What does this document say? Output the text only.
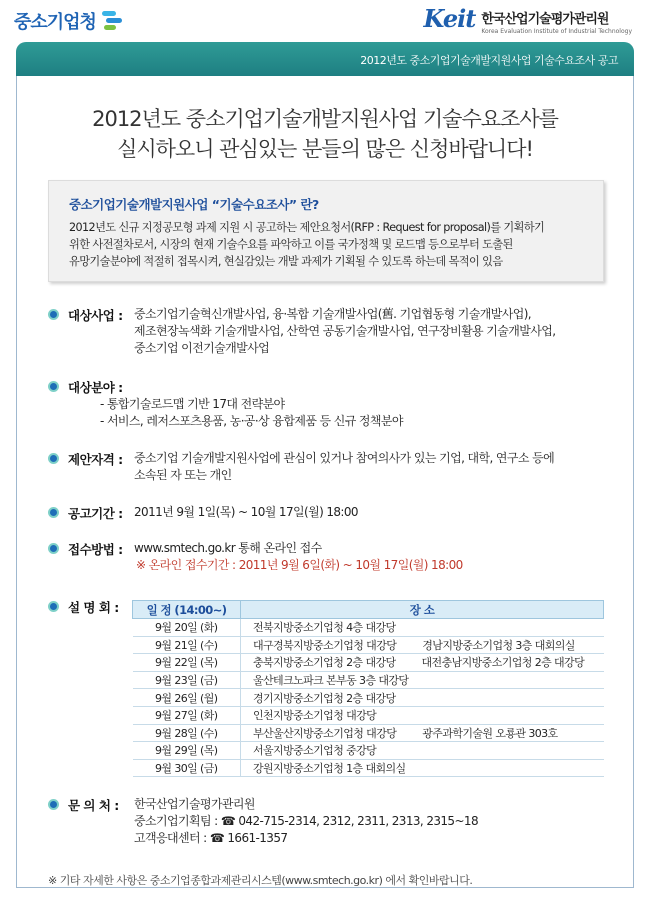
중소기업청	Keit 한국산업기술평가관리원
Korea Evaluation Institute of Industrial Technology
2012년도 중소기업기술개발지원사업 기술수요조사 공고
2012년도 중소기업기술개발지원사업 기술수요조사를
실시하오니 관심있는 분들의 많은 신청바랍니다!
중소기업기술개발지원사업 “기술수요조사” 란?
2012년도 신규 지정공모형 과제 지원 시 공고하는 제안요청서(RFP : Request for proposal)를 기획하기
위한 사전절차로서, 시장의 현재 기술수요를 파악하고 이를 국가정책 및 로드맵 등으로부터 도출된
유망기술분야에 적절히 접목시켜, 현실감있는 개발 과제가 기획될 수 있도록 하는데 목적이 있음
대상사업 : 중소기업기술혁신개발사업, 융·복합 기술개발사업(舊. 기업협동형 기술개발사업),
제조현장녹색화 기술개발사업, 산학연 공동기술개발사업, 연구장비활용 기술개발사업,
중소기업 이전기술개발사업
대상분야 :
- 통합기술로드맵 기반 17대 전략분야
- 서비스, 레저스포츠용품, 농·공·상 융합제품 등 신규 정책분야
제안자격 : 중소기업 기술개발지원사업에 관심이 있거나 참여의사가 있는 기업, 대학, 연구소 등에
소속된 자 또는 개인
공고기간 : 2011년 9월 1일(목) ~ 10월 17일(월) 18:00
접수방법 : www.smtech.go.kr 통해 온라인 접수
※ 온라인 접수기간 : 2011년 9월 6일(화) ~ 10월 17일(월) 18:00
설 명 회 : 일 정 (14:00~)	장 소
9월 20일 (화)	전북지방중소기업청 4층 대강당
9월 21일 (수)	대구경북지방중소기업청 대강당 경남지방중소기업청 3층 대회의실
9월 22일 (목)	충북지방중소기업청 2층 대강당 대전충남지방중소기업청 2층 대강당
9월 23일 (금)	울산테크노파크 본부동 3층 대강당
9월 26일 (월)	경기지방중소기업청 2층 대강당
9월 27일 (화)	인천지방중소기업청 대강당
9월 28일 (수)	부산울산지방중소기업청 대강당 광주과학기술원 오룡관 303호
9월 29일 (목)	서울지방중소기업청 중강당
9월 30일 (금)	강원지방중소기업청 1층 대회의실
문 의 처 : 한국산업기술평가관리원
중소기업기획팀 : ☎ 042-715-2314, 2312, 2311, 2313, 2315~18
고객응대센터 : ☎ 1661-1357
※ 기타 자세한 사항은 중소기업종합과제관리시스템(www.smtech.go.kr) 에서 확인바랍니다.
